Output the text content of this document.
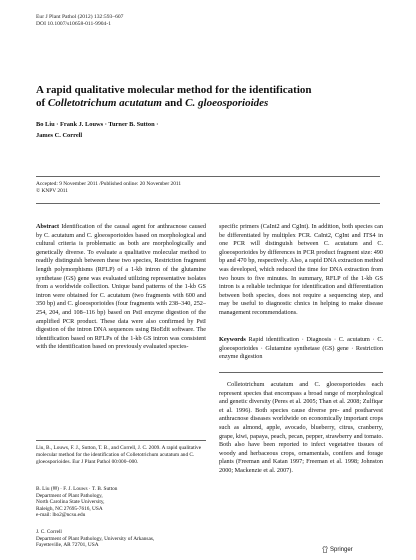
Eur J Plant Pathol (2012) 132:593–607
DOI 10.1007/s10658-011-9904-1
A rapid qualitative molecular method for the identification
of Colletotrichum acutatum and C. gloeosporioides
Bo Liu · Frank J. Louws · Turner B. Sutton ·
James C. Correll
Accepted: 9 November 2011 /Published online: 20 November 2011
© KNPV 2011
Abstract Identification of the causal agent for anthracnose caused by C. acutatum and C. gloeosporioides based on morphological and cultural criteria is problematic as both are morphologically and genetically diverse. To evaluate a qualitative molecular method to readily distinguish between these two species, Restriction fragment length polymorphisms (RFLP) of a 1-kb intron of the glutamine synthetase (GS) gene was evaluated utilizing representative isolates from a worldwide collection. Unique band patterns of the 1-kb GS intron were obtained for C. acutatum (two fragments with 600 and 350 bp) and C. gloeosporioides (four fragments with 238–340, 252–254, 204, and 108–116 bp) based on PstI enzyme digestion of the amplified PCR product. These data were also confirmed by PstI digestion of the intron DNA sequences using BioEdit software. The identification based on RFLPs of the 1-kb GS intron was consistent with the identification based on previously evaluated species-
specific primers (CaInt2 and CgInt). In addition, both species can be differentiated by multiplex PCR. CaInt2, CgInt and ITS4 in one PCR will distinguish between C. acutatum and C. gloeosporioides by differences in PCR product fragment size: 490 bp and 470 bp, respectively. Also, a rapid DNA extraction method was developed, which reduced the time for DNA extraction from two hours to five minutes. In summary, RFLP of the 1-kb GS intron is a reliable technique for identification and differentiation between both species, does not require a sequencing step, and may be useful to diagnostic chnics in helping to make disease management recommendations.
Keywords Rapid identification · Diagnosis · C. acutatum · C. gloeosporioides · Glutamine synthetase (GS) gene · Restriction enzyme digestion
Colletotrichum acutatum and C. gloeosporioides each represent species that encompass a broad range of morphological and genetic diversity (Peres et al. 2005; Than et al. 2008; Zulfiqar et al. 1996). Both species cause diverse pre- and postharvest anthracnose diseases worldwide on economically important crops such as almond, apple, avocado, blueberry, citrus, cranberry, grape, kiwi, papaya, peach, pecan, pepper, strawberry and tomato. Both also have been reported to infect vegetative tissues of woody and herbaceous crops, ornamentals, conifers and forage plants (Freeman and Katan 1997; Freeman et al. 1998; Johnston 2000; Mackenzie et al. 2007).
Liu, B., Louws, F. J., Sutton, T. B., and Correll, J. C. 2009. A rapid qualitative molecular method for the identification of Colletotrichum acutatum and C. gloeosporioides. Eur J Plant Pathol 00:000–000.
B. Liu (✉) · F. J. Louws · T. B. Sutton
Department of Plant Pathology,
North Carolina State University,
Raleigh, NC 27695-7616, USA
e-mail: lbo2@ncsu.edu
J. C. Correll
Department of Plant Pathology, University of Arkansas,
Fayetteville, AR 72701, USA
Springer
